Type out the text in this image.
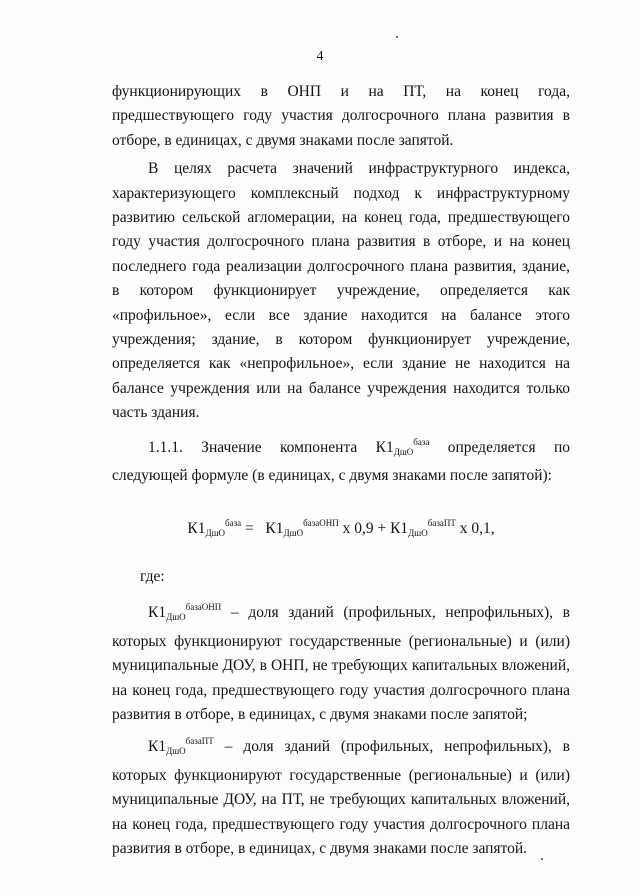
4

функционирующих в ОНП и на ПТ, на конец года, предшествующего году участия долгосрочного плана развития в отборе, в единицах, с двумя знаками после запятой.

В целях расчета значений инфраструктурного индекса, характеризующего комплексный подход к инфраструктурному развитию сельской агломерации, на конец года, предшествующего году участия долгосрочного плана развития в отборе, и на конец последнего года реализации долгосрочного плана развития, здание, в котором функционирует учреждение, определяется как «профильное», если все здание находится на балансе этого учреждения; здание, в котором функционирует учреждение, определяется как «непрофильное», если здание не находится на балансе учреждения или на балансе учреждения находится только часть здания.

1.1.1. Значение компонента $К1_{ДшО}^{база}$ определяется по следующей формуле (в единицах, с двумя знаками после запятой):

$К1_{ДшО}^{база} = К1_{ДшО}^{базаОНП}$ х $0,9 + К1_{ДшО}^{базаПТ}$ х 0,1,
где:

$К1_{ДшО}^{базаОНП}$ – доля зданий (профильных, непрофильных), в которых функционируют государственные (региональные) и (или) муниципальные ДОУ, в ОНП, не требующих капитальных вложений, на конец года, предшествующего году участия долгосрочного плана развития в отборе, в единицах, с двумя знаками после запятой;

$К1_{ДшО}^{базаПТ}$ – доля зданий (профильных, непрофильных), в которых функционируют государственные (региональные) и (или) муниципальные ДОУ, на ПТ, не требующих капитальных вложений, на конец года, предшествующего году участия долгосрочного плана развития в отборе, в единицах, с двумя знаками после запятой.
